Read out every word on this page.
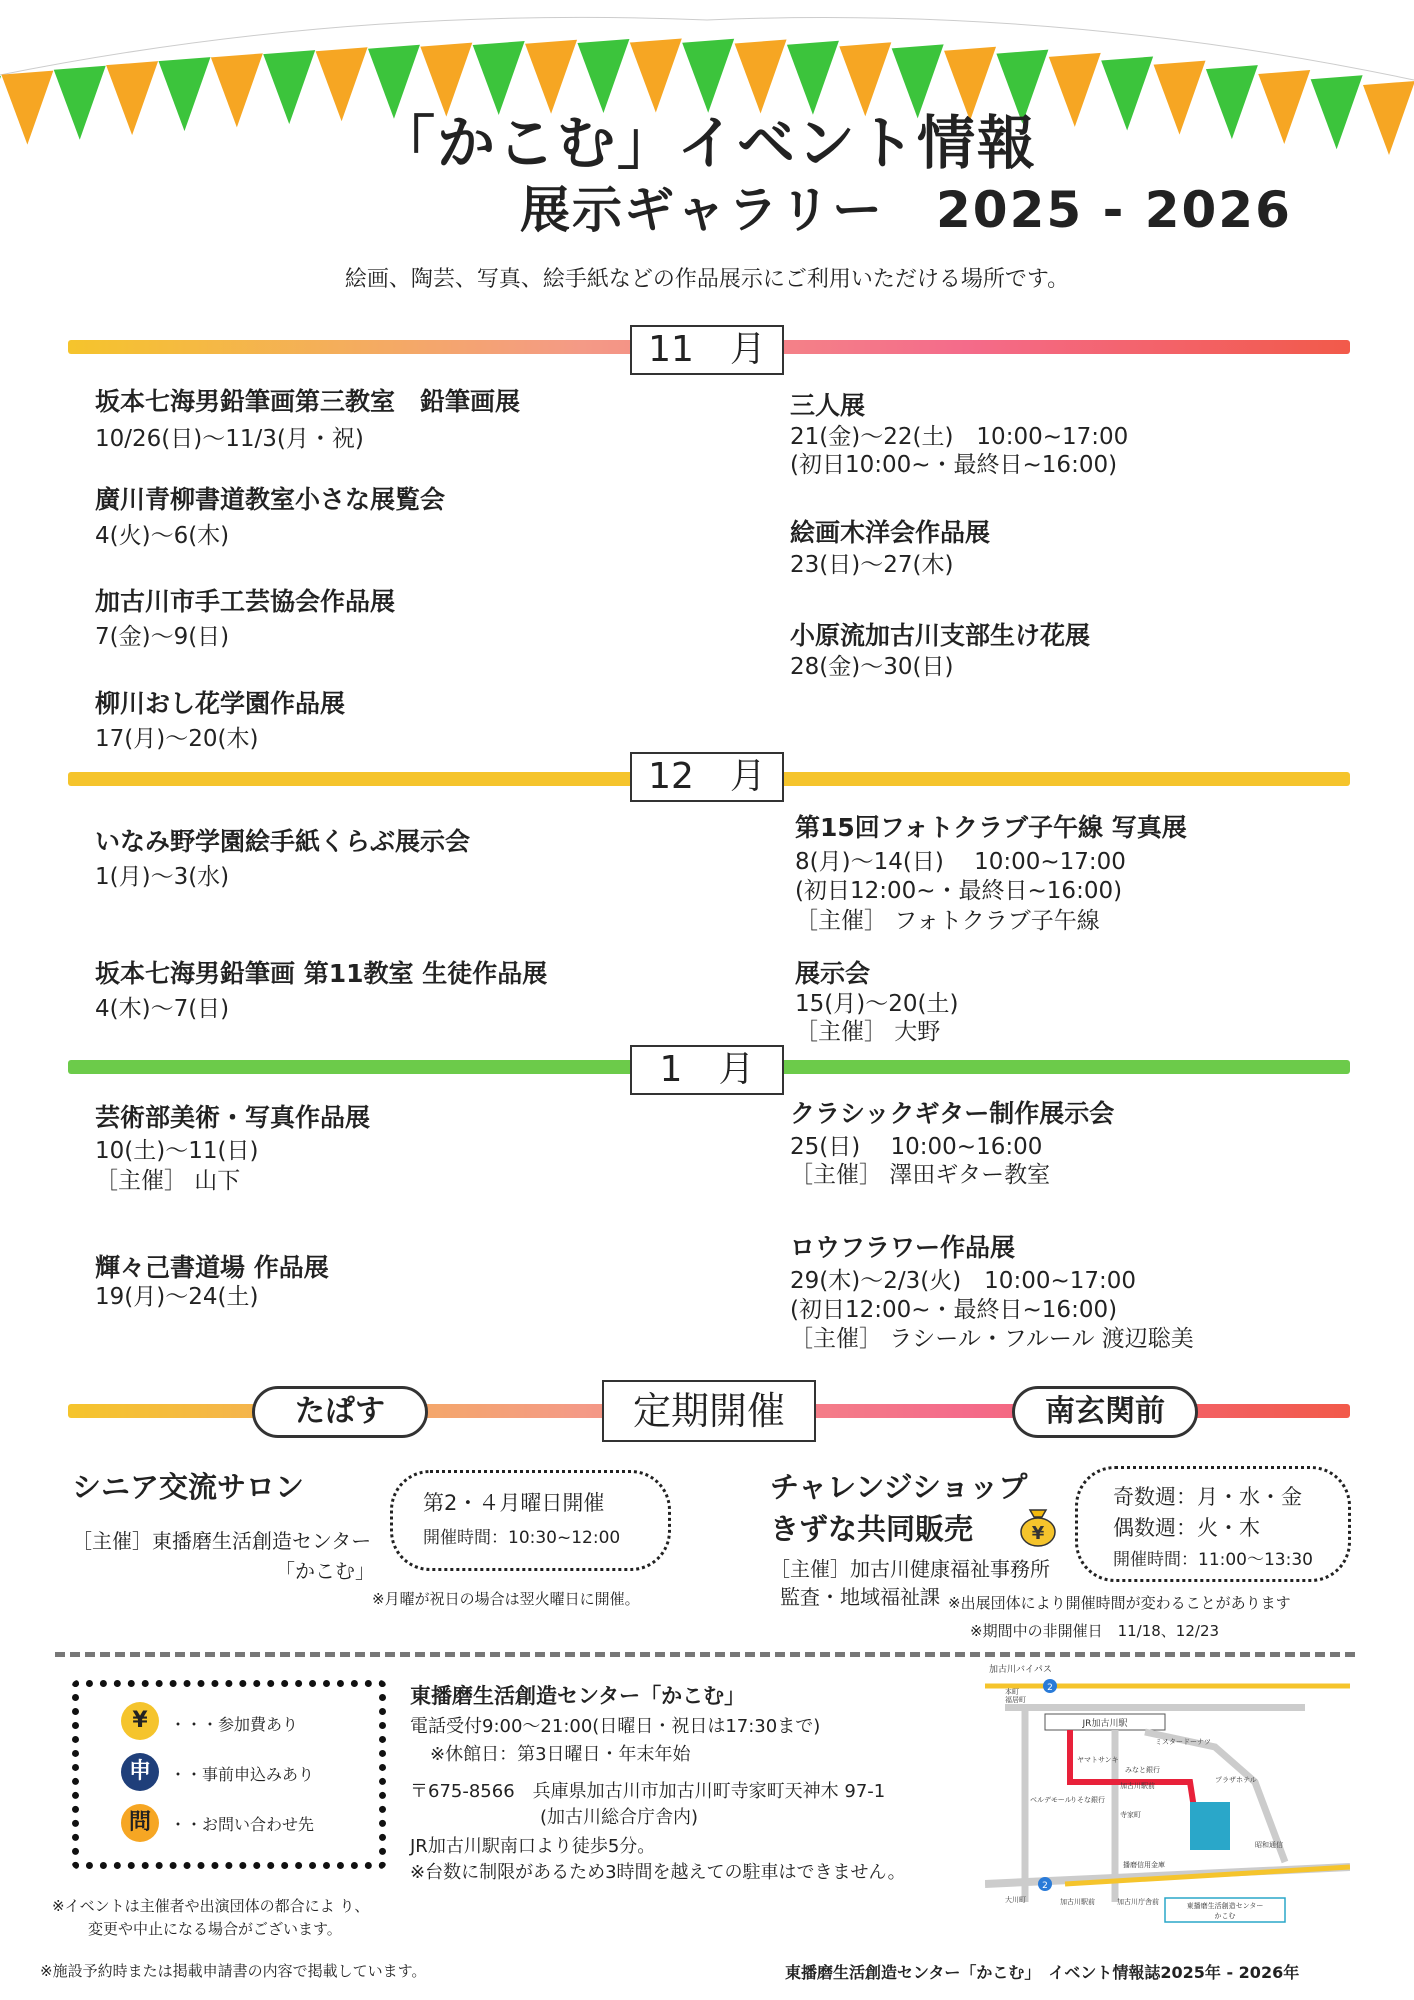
「かこむ」イベント情報
展示ギャラリー　2025 - 2026
絵画、陶芸、写真、絵手紙などの作品展示にご利用いただける場所です。
11　月
坂本七海男鉛筆画第三教室　鉛筆画展
10/26(日)～11/3(月・祝)
廣川青柳書道教室小さな展覧会
4(火)～6(木)
加古川市手工芸協会作品展
7(金)～9(日)
柳川おし花学園作品展
17(月)～20(木)
三人展
21(金)～22(土)　10:00~17:00
(初日10:00~・最終日~16:00)
絵画木洋会作品展
23(日)～27(木)
小原流加古川支部生け花展
28(金)～30(日)
12　月
いなみ野学園絵手紙くらぶ展示会
1(月)～3(水)
坂本七海男鉛筆画 第11教室 生徒作品展
4(木)～7(日)
第15回フォトクラブ子午線 写真展
8(月)～14(日)　 10:00~17:00
(初日12:00~・最終日~16:00)
［主催］ フォトクラブ子午線
展示会
15(月)～20(土)
［主催］ 大野
1　月
芸術部美術・写真作品展
10(土)～11(日)
［主催］ 山下
輝々己書道場 作品展
19(月)～24(土)
クラシックギター制作展示会
25(日)　 10:00~16:00
［主催］ 澤田ギター教室
ロウフラワー作品展
29(木)～2/3(火)　10:00~17:00
(初日12:00~・最終日~16:00)
［主催］ ラシール・フルール 渡辺聡美
たぱす	定期開催	南玄関前
シニア交流サロン
［主催］東播磨生活創造センター
「かこむ」
第2・４月曜日開催
開催時間：10:30~12:00
※月曜が祝日の場合は翌火曜日に開催。
チャレンジショップ
きずな共同販売	¥
［主催］加古川健康福祉事務所
監査・地域福祉課
奇数週：月・水・金
偶数週：火・木
開催時間：11:00～13:30
※出展団体により開催時間が変わることがあります
※期間中の非開催日　11/18、12/23
¥	・・・参加費あり
申	・・事前申込みあり
問	・・お問い合わせ先
東播磨生活創造センター「かこむ」
電話受付9:00～21:00(日曜日・祝日は17:30まで)
※休館日：第3日曜日・年末年始
〒675-8566　兵庫県加古川市加古川町寺家町天神木 97-1
(加古川総合庁舎内)
JR加古川駅南口より徒歩5分。
※台数に制限があるため3時間を越えての駐車はできません。
加古川バイパス
2
JR加古川駅
2
東播磨生活創造センター
かこむ
福居町
ミスタードーナツ
ヤマトサンキ
みなと銀行
ベルデモール
加古川駅前
りそな銀行
寺家町
プラザホテル
昭和通信
大川町	加古川駅前
播磨信用金庫
加古川庁舎前
本町
※イベントは主催者や出演団体の都合によ り、
変更や中止になる場合がございます。
※施設予約時または掲載申請書の内容で掲載しています。	東播磨生活創造センター「かこむ」　イベント情報誌2025年 - 2026年
